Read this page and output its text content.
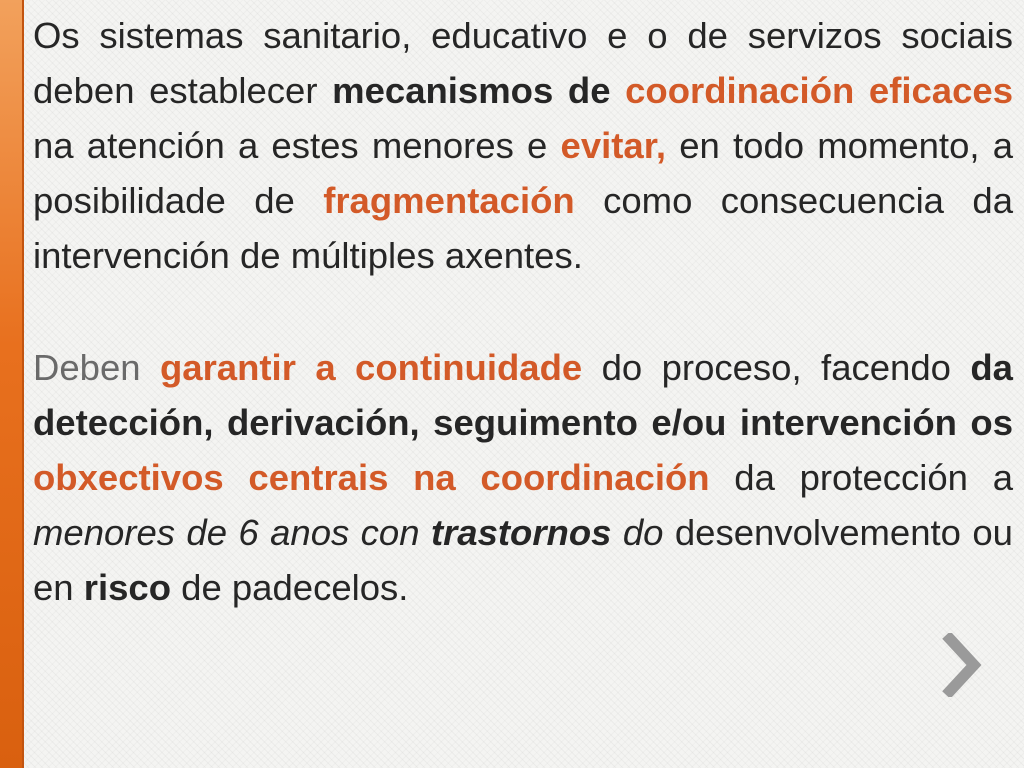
Os sistemas sanitario, educativo e o de servizos sociais deben establecer mecanismos de coordinación eficaces na atención a estes menores e evitar, en todo momento, a posibilidade de fragmentación como consecuencia da intervención de múltiples axentes.

Deben garantir a continuidade do proceso, facendo da detección, derivación, seguimento e/ou intervención os obxectivos centrais na coordinación da protección a menores de 6 anos con trastornos do desenvolvemento ou en risco de padecelos.
